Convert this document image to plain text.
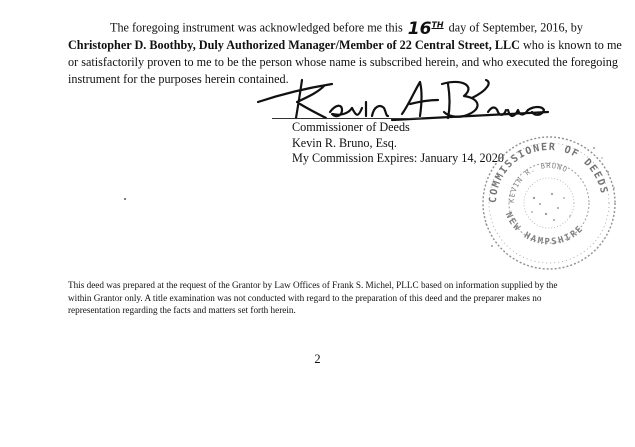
The foregoing instrument was acknowledged before me this 16TH day of September, 2016, by Christopher D. Boothby, Duly Authorized Manager/Member of 22 Central Street, LLC who is known to me or satisfactorily proven to me to be the person whose name is subscribed herein, and who executed the foregoing instrument for the purposes herein contained.

Commissioner of Deeds
Kevin R. Bruno, Esq.
My Commission Expires: January 14, 2020
COMMISSIONER OF DEEDS
KEVIN R. BRUNO
NEW HAMPSHIRE

This deed was prepared at the request of the Grantor by Law Offices of Frank S. Michel, PLLC based on information supplied by the within Grantor only. A title examination was not conducted with regard to the preparation of this deed and the preparer makes no representation regarding the facts and matters set forth herein.

2
